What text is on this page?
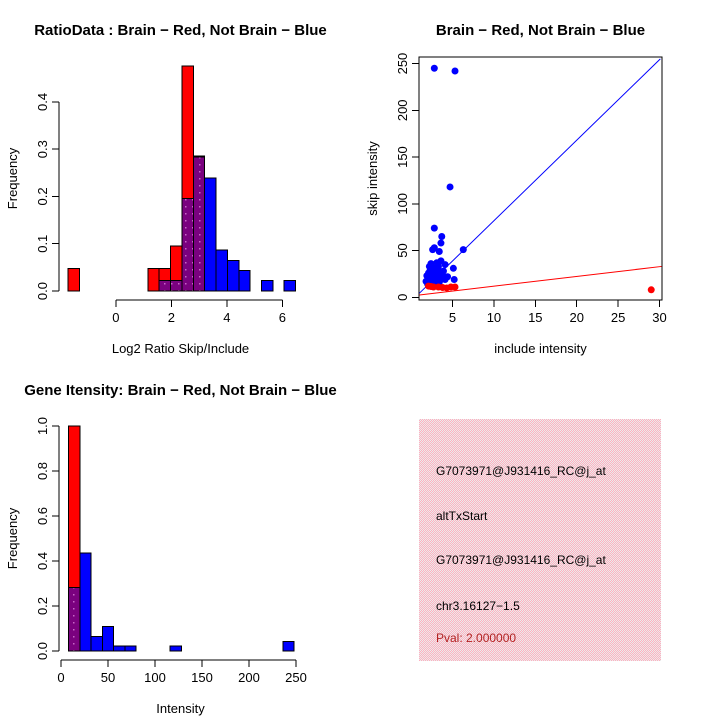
RatioData : Brain − Red, Not Brain − Blue
0	2	4	6
0.0
0.1
0.2
0.3
0.4
Log2 Ratio Skip/Include
Frequency
Brain − Red, Not Brain − Blue
5 10 15 20 25 30
0
50
100
150
200
250
include intensity
skip intensity
Gene Itensity: Brain − Red, Not Brain − Blue
0	50 100 150 200 250
0.0
0.2
0.4
0.6
0.8
1.0
Intensity
Frequency
G7073971@J931416_RC@j_at
altTxStart
G7073971@J931416_RC@j_at
chr3.16127−1.5
Pval: 2.000000
